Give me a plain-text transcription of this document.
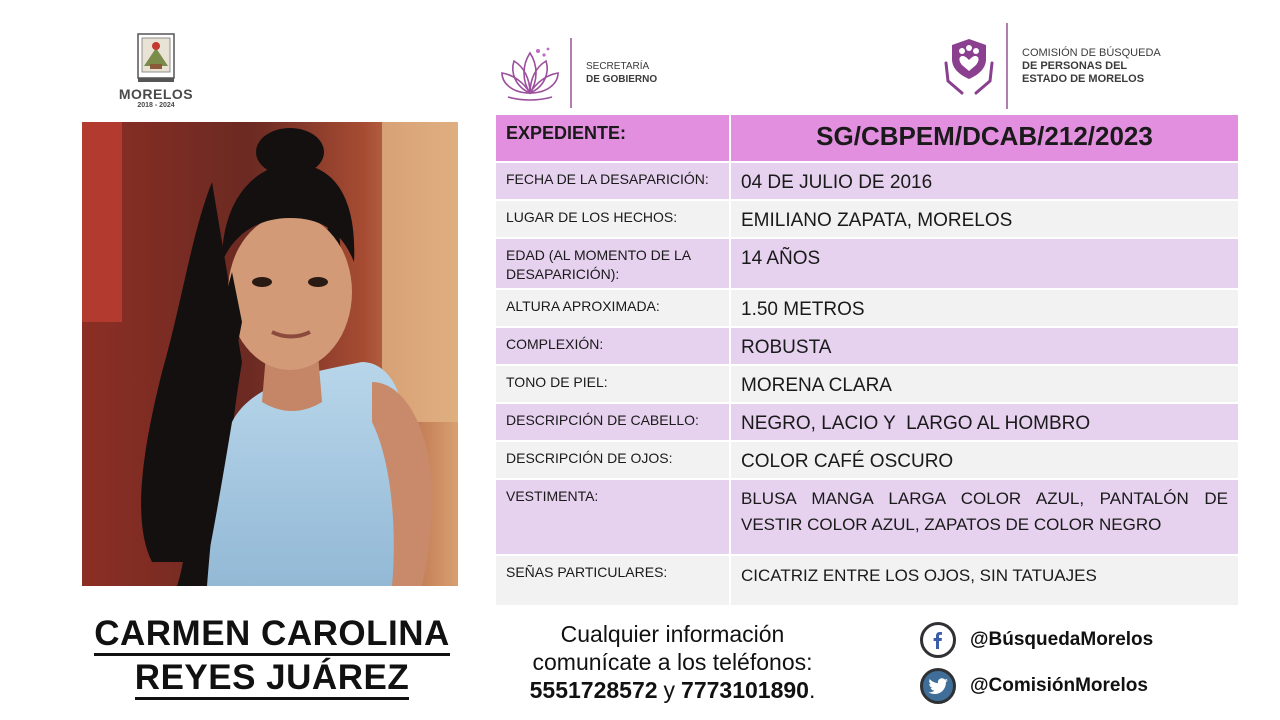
MORELOS
2018 - 2024
SECRETARÍA
DE GOBIERNO
COMISIÓN DE BÚSQUEDA
DE PERSONAS DEL
ESTADO DE MORELOS
EXPEDIENTE:	SG/CBPEM/DCAB/212/2023
FECHA DE LA DESAPARICIÓN:	04 DE JULIO DE 2016
LUGAR DE LOS HECHOS:	EMILIANO ZAPATA, MORELOS
EDAD (AL MOMENTO DE LA DESAPARICIÓN):	14 AÑOS
ALTURA APROXIMADA:	1.50 METROS
COMPLEXIÓN:	ROBUSTA
TONO DE PIEL:	MORENA CLARA
DESCRIPCIÓN DE CABELLO:	NEGRO, LACIO Y  LARGO AL HOMBRO
DESCRIPCIÓN DE OJOS:	COLOR CAFÉ OSCURO
VESTIMENTA:	BLUSA MANGA LARGA COLOR AZUL, PANTALÓN DE VESTIR COLOR AZUL, ZAPATOS DE COLOR NEGRO
SEÑAS PARTICULARES:	CICATRIZ ENTRE LOS OJOS, SIN TATUAJES
CARMEN CAROLINA
REYES JUÁREZ
Cualquier información
comunícate a los teléfonos:
5551728572 y 7773101890.
@BúsquedaMorelos
@ComisiónMorelos
